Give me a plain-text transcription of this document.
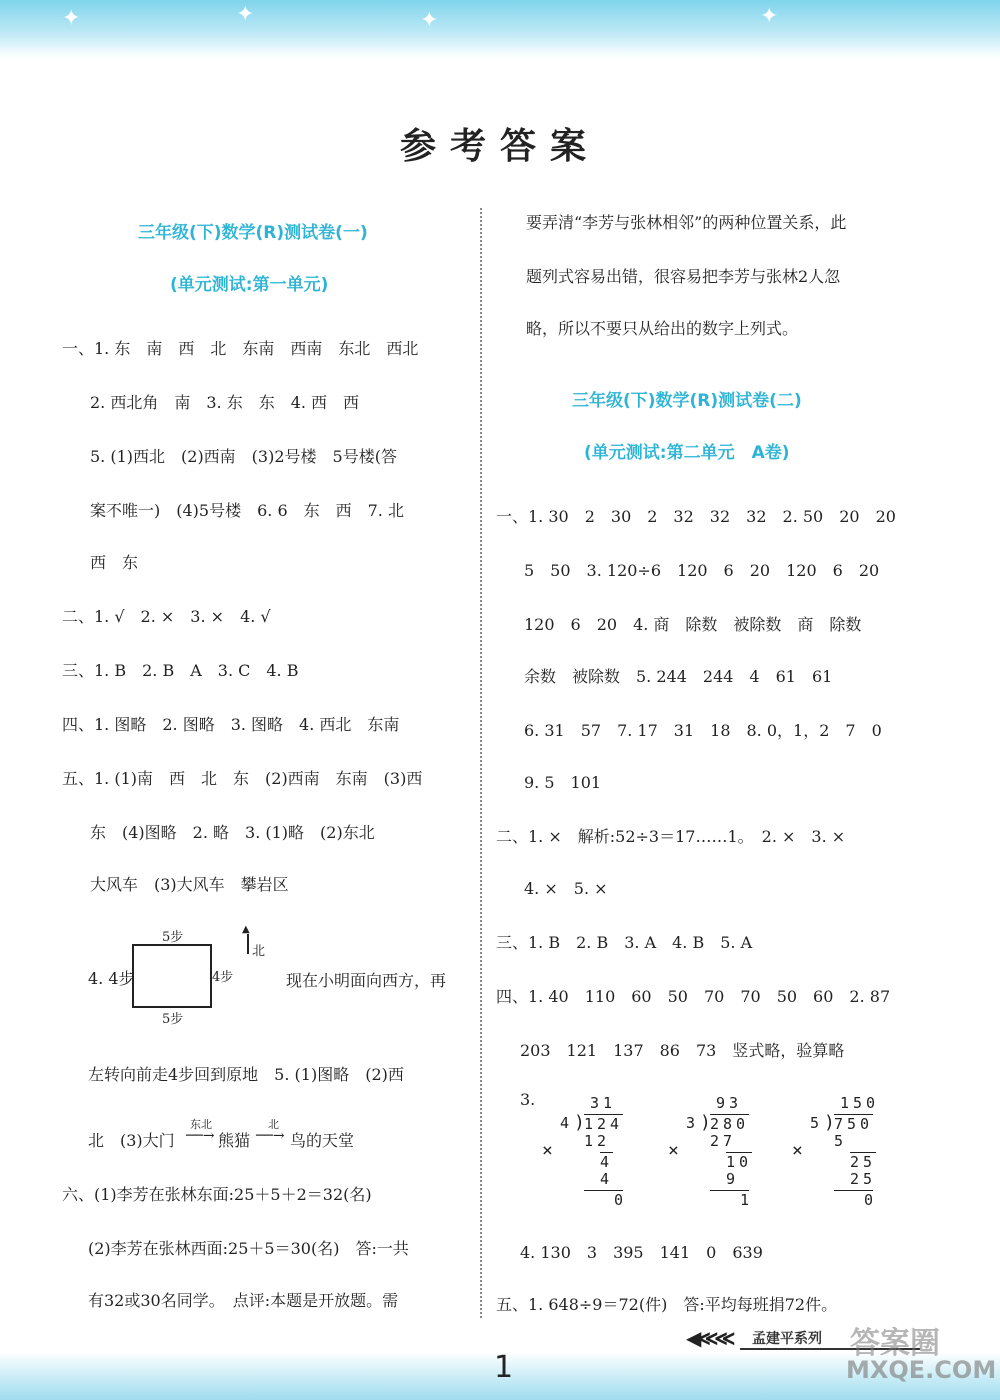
✦	✦	✦	✦
参考答案
三年级(下)数学(R)测试卷(一)
(单元测试:第一单元)
一、1. 东　南　西　北　东南　西南　东北　西北
2. 西北角　南　3. 东　东　4. 西　西
5. (1)西北　(2)西南　(3)2号楼　5号楼(答
案不唯一)　(4)5号楼　6. 6　东　西　7. 北
西　东
二、1. √　2. ×　3. ×　4. √
三、1. B　2. B　A　3. C　4. B
四、1. 图略　2. 图略　3. 图略　4. 西北　东南
五、1. (1)南　西　北　东　(2)西南　东南　(3)西
东　(4)图略　2. 略　3. (1)略　(2)东北
大风车　(3)大风车　攀岩区
5步
5步
4步
▲
北
4. 4步	现在小明面向西方，再
左转向前走4步回到原地　5. (1)图略　(2)西
北　(3)大门
东北
──→ 熊猫
北
──→ 鸟的天堂
六、(1)李芳在张林东面:25＋5＋2＝32(名)
(2)李芳在张林西面:25＋5＝30(名)　答:一共
有32或30名同学。　点评:本题是开放题。需
要弄清“李芳与张林相邻”的两种位置关系，此
题列式容易出错，很容易把李芳与张林2人忽
略，所以不要只从给出的数字上列式。
三年级(下)数学(R)测试卷(二)
(单元测试:第二单元　A卷)
一、1. 30　2　30　2　32　32　32　2. 50　20　20
5　50　3. 120÷6　120　6　20　120　6　20
120　6　20　4. 商　除数　被除数　商　除数
余数　被除数　5. 244　244　4　61　61
6. 31　57　7. 17　31　18　8. 0，1，2　7　0
9. 5　101
二、1. ×　解析:52÷3＝17……1。　2. ×　3. ×
4. ×　5. ×
三、1. B　2. B　3. A　4. B　5. A
四、1. 40　110　60　50　70　70　50　60　2. 87
203　121　137　86　73　竖式略，验算略
3.	31
4 ) 124
12
4
4
0
×
93
3 ) 280
27
10
9
1
×
150
5 ) 750
5
25
25
0
×
4. 130　3　395　141　0　639
五、1. 648÷9＝72(件)　答:平均每班捐72件。
1
◀≪≪ 孟建平系列 答案圈
MXQE.COM
